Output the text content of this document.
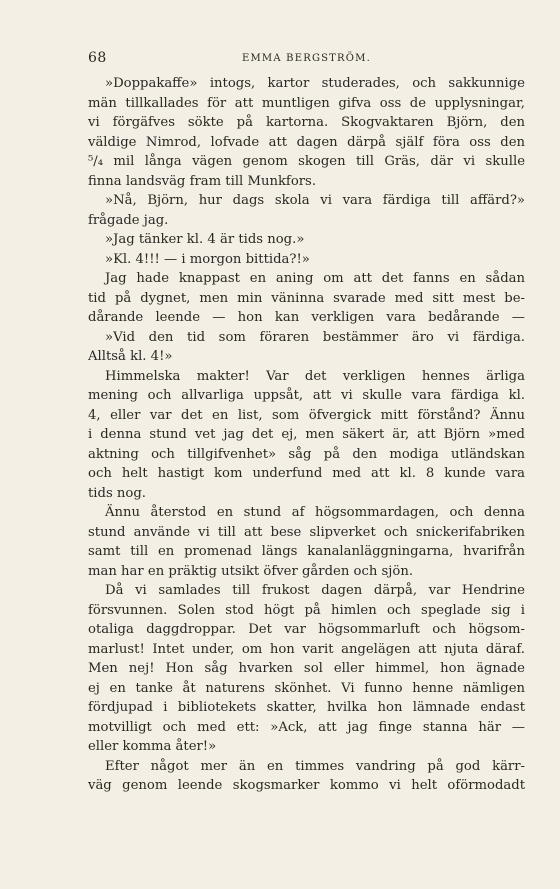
68	EMMA BERGSTRÖM.
»Doppakaffe» intogs, kartor studerades, och sakkunnige
män tillkallades för att muntligen gifva oss de upplysningar,
vi förgäfves sökte på kartorna. Skogvaktaren Björn, den
väldige Nimrod, lofvade att dagen därpå själf föra oss den
⁵/₄ mil långa vägen genom skogen till Gräs, där vi skulle
finna landsväg fram till Munkfors.
»Nå, Björn, hur dags skola vi vara färdiga till affärd?»
frågade jag.
»Jag tänker kl. 4 är tids nog.»
»Kl. 4!!! — i morgon bittida?!»
Jag hade knappast en aning om att det fanns en sådan
tid på dygnet, men min väninna svarade med sitt mest be-
dårande leende — hon kan verkligen vara bedårande —
»Vid den tid som föraren bestämmer äro vi färdiga.
Alltså kl. 4!»
Himmelska makter! Var det verkligen hennes ärliga
mening och allvarliga uppsåt, att vi skulle vara färdiga kl.
4, eller var det en list, som öfvergick mitt förstånd? Ännu
i denna stund vet jag det ej, men säkert är, att Björn »med
aktning och tillgifvenhet» såg på den modiga utländskan
och helt hastigt kom underfund med att kl. 8 kunde vara
tids nog.
Ännu återstod en stund af högsommardagen, och denna
stund använde vi till att bese slipverket och snickerifabriken
samt till en promenad längs kanalanläggningarna, hvarifrån
man har en präktig utsikt öfver gården och sjön.
Då vi samlades till frukost dagen därpå, var Hendrine
försvunnen. Solen stod högt på himlen och speglade sig i
otaliga daggdroppar. Det var högsommarluft och högsom-
marlust! Intet under, om hon varit angelägen att njuta däraf.
Men nej! Hon såg hvarken sol eller himmel, hon ägnade
ej en tanke åt naturens skönhet. Vi funno henne nämligen
fördjupad i bibliotekets skatter, hvilka hon lämnade endast
motvilligt och med ett: »Ack, att jag finge stanna här —
eller komma åter!»
Efter något mer än en timmes vandring på god kärr-
väg genom leende skogsmarker kommo vi helt oförmodadt
